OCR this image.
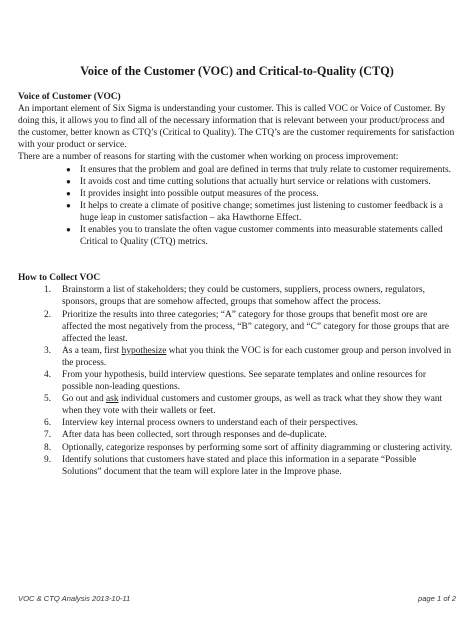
Voice of the Customer (VOC) and Critical-to-Quality (CTQ)

Voice of Customer (VOC)

An important element of Six Sigma is understanding your customer. This is called VOC or Voice of Customer. By doing this, it allows you to find all of the necessary information that is relevant between your product/process and the customer, better known as CTQ’s (Critical to Quality). The CTQ’s are the customer requirements for satisfaction with your product or service.

There are a number of reasons for starting with the customer when working on process improvement:

● It ensures that the problem and goal are defined in terms that truly relate to customer requirements.
● It avoids cost and time cutting solutions that actually hurt service or relations with customers.
● It provides insight into possible output measures of the process.
● It helps to create a climate of positive change; sometimes just listening to customer feedback is a huge leap in customer satisfaction – aka Hawthorne Effect.
● It enables you to translate the often vague customer comments into measurable statements called Critical to Quality (CTQ) metrics.

How to Collect VOC

1. Brainstorm a list of stakeholders; they could be customers, suppliers, process owners, regulators, sponsors, groups that are somehow affected, groups that somehow affect the process.
2. Prioritize the results into three categories; “A” category for those groups that benefit most ore are affected the most negatively from the process, “B” category, and “C” category for those groups that are affected the least.
3. As a team, first hypothesize what you think the VOC is for each customer group and person involved in the process.
4. From your hypothesis, build interview questions. See separate templates and online resources for possible non-leading questions.
5. Go out and ask individual customers and customer groups, as well as track what they show they want when they vote with their wallets or feet.
6. Interview key internal process owners to understand each of their perspectives.
7. After data has been collected, sort through responses and de-duplicate.
8. Optionally, categorize responses by performing some sort of affinity diagramming or clustering activity.
9. Identify solutions that customers have stated and place this information in a separate “Possible Solutions” document that the team will explore later in the Improve phase.
VOC & CTQ Analysis 2013-10-11	page 1 of 2
